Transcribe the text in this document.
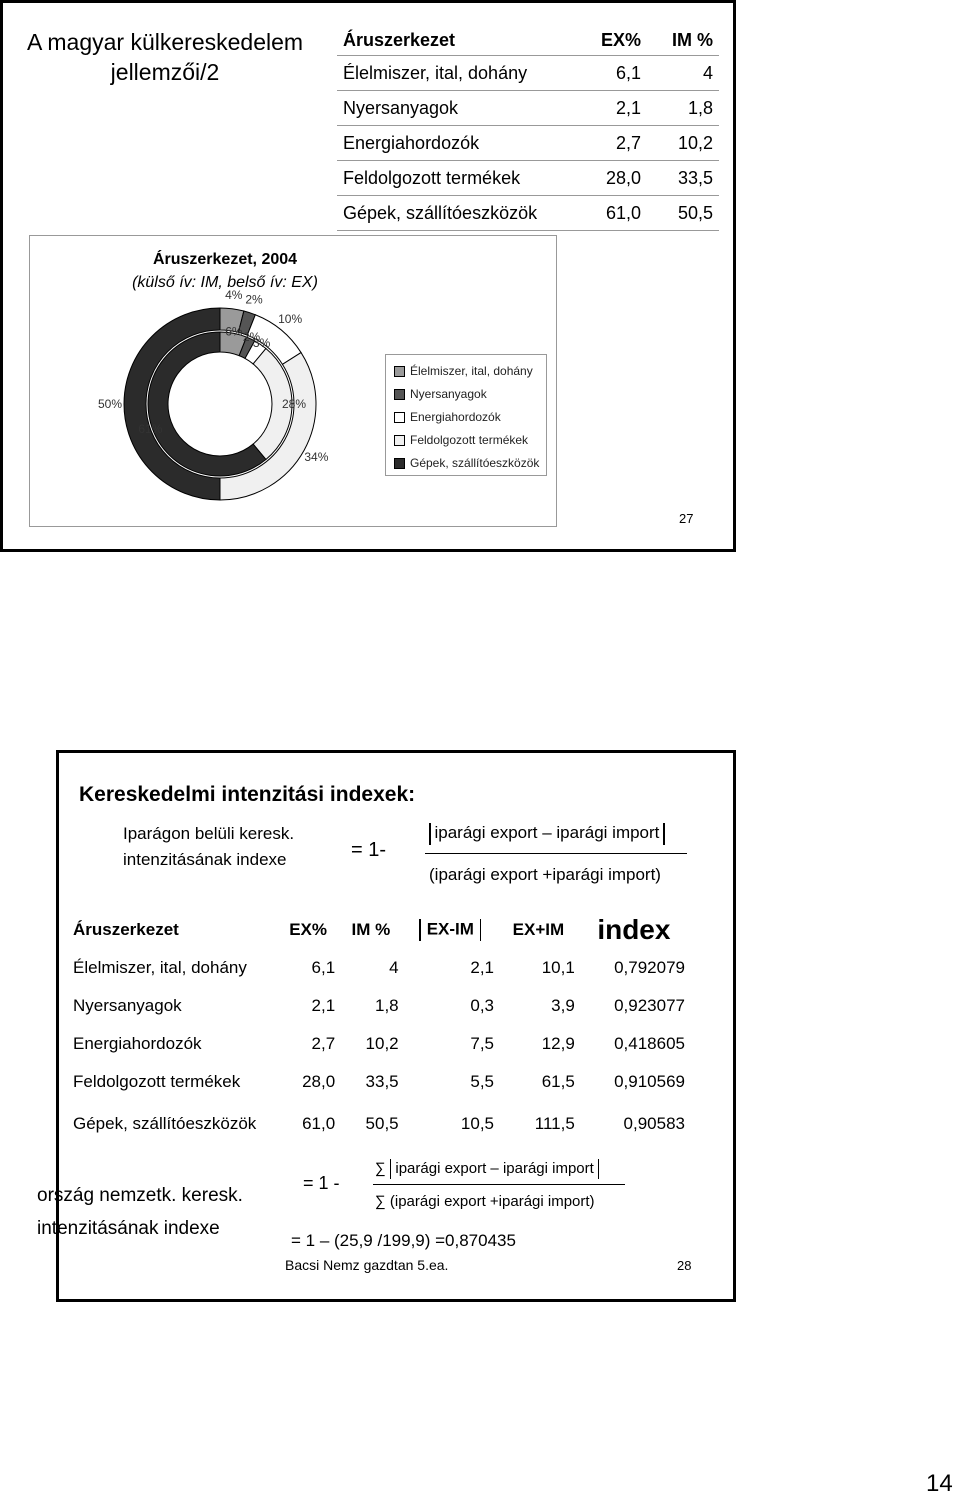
A magyar külkereskedelem jellemzői/2
Áruszerkezet	EX%	IM %
Élelmiszer, ital, dohány	6,1	4
Nyersanyagok	2,1	1,8
Energiahordozók	2,7	10,2
Feldolgozott termékek	28,0	33,5
Gépek, szállítóeszközök	61,0	50,5
Áruszerkezet, 2004
(külső ív: IM, belső ív: EX)
4% 2%
10%
34%
50%
6% 2%
3%
28%
61%
Élelmiszer, ital, dohány
Nyersanyagok
Energiahordozók
Feldolgozott termékek
Gépek, szállítóeszközök
27
Kereskedelmi intenzitási indexek:
Iparágon belüli keresk.
intenzitásának indexe	= 1-
iparági export – iparági import
(iparági export +iparági import)
Áruszerkezet	EX%	IM %	EX-IM	EX+IM	index
Élelmiszer, ital, dohány	6,1	4	2,1	10,1	0,792079
Nyersanyagok	2,1	1,8	0,3	3,9	0,923077
Energiahordozók	2,7	10,2	7,5	12,9	0,418605
Feldolgozott termékek	28,0	33,5	5,5	61,5	0,910569
Gépek, szállítóeszközök	61,0	50,5	10,5	111,5	0,90583
ország nemzetk. keresk.
intenzitásának indexe
= 1 -
∑ iparági export – iparági import
∑ (iparági export +iparági import)
= 1 – (25,9 /199,9) =0,870435
Bacsi Nemz gazdtan 5.ea.	28
14
